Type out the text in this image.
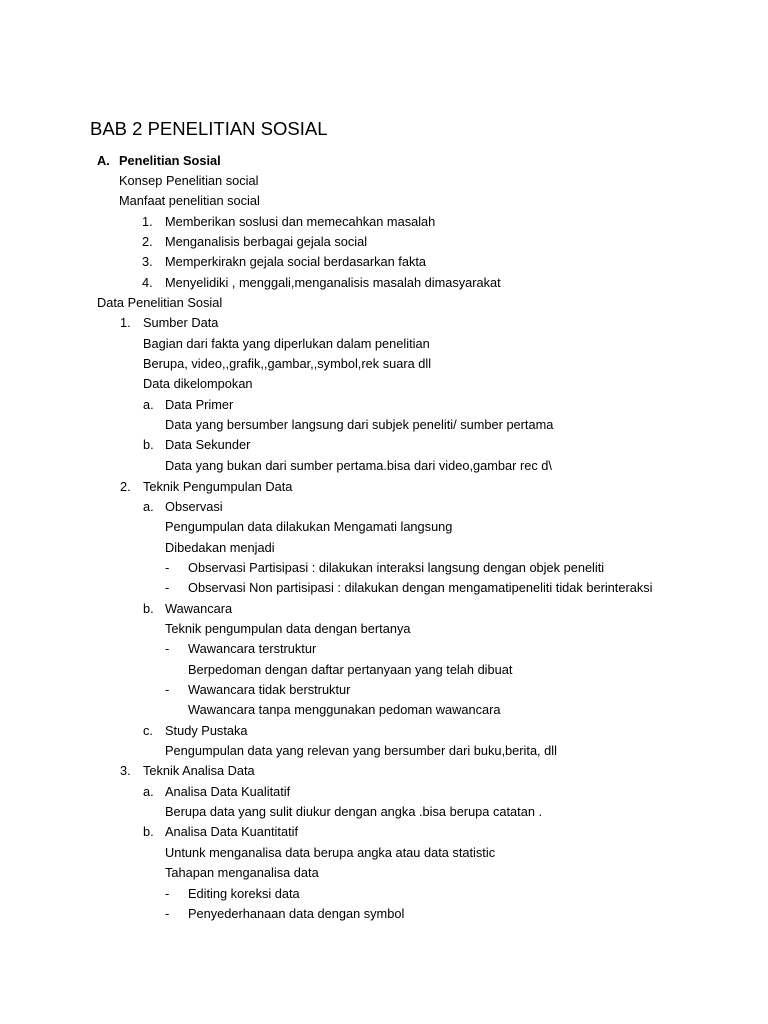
BAB 2 PENELITIAN SOSIAL
A. Penelitian Sosial
Konsep Penelitian social
Manfaat penelitian social
1. Memberikan soslusi dan memecahkan masalah
2. Menganalisis berbagai gejala social
3. Memperkirakn gejala social berdasarkan fakta
4. Menyelidiki , menggali,menganalisis masalah dimasyarakat
Data Penelitian Sosial
1. Sumber Data
Bagian dari fakta yang diperlukan dalam penelitian
Berupa, video,,grafik,,gambar,,symbol,rek suara dll
Data dikelompokan
a. Data Primer
Data yang bersumber langsung dari subjek peneliti/ sumber pertama
b. Data Sekunder
Data yang bukan dari sumber pertama.bisa dari video,gambar rec d\
2. Teknik Pengumpulan Data
a. Observasi
Pengumpulan data dilakukan Mengamati langsung
Dibedakan menjadi
- Observasi Partisipasi : dilakukan interaksi langsung dengan objek peneliti
- Observasi Non partisipasi : dilakukan dengan mengamatipeneliti tidak berinteraksi
b. Wawancara
Teknik pengumpulan data dengan bertanya
- Wawancara terstruktur
Berpedoman dengan daftar pertanyaan yang telah dibuat
- Wawancara tidak berstruktur
Wawancara tanpa menggunakan pedoman wawancara
c. Study Pustaka
Pengumpulan data yang relevan yang bersumber dari buku,berita, dll
3. Teknik Analisa Data
a. Analisa Data Kualitatif
Berupa data yang sulit diukur dengan angka .bisa berupa catatan .
b. Analisa Data Kuantitatif
Untunk menganalisa data berupa angka atau data statistic
Tahapan menganalisa data
- Editing koreksi data
- Penyederhanaan data dengan symbol
